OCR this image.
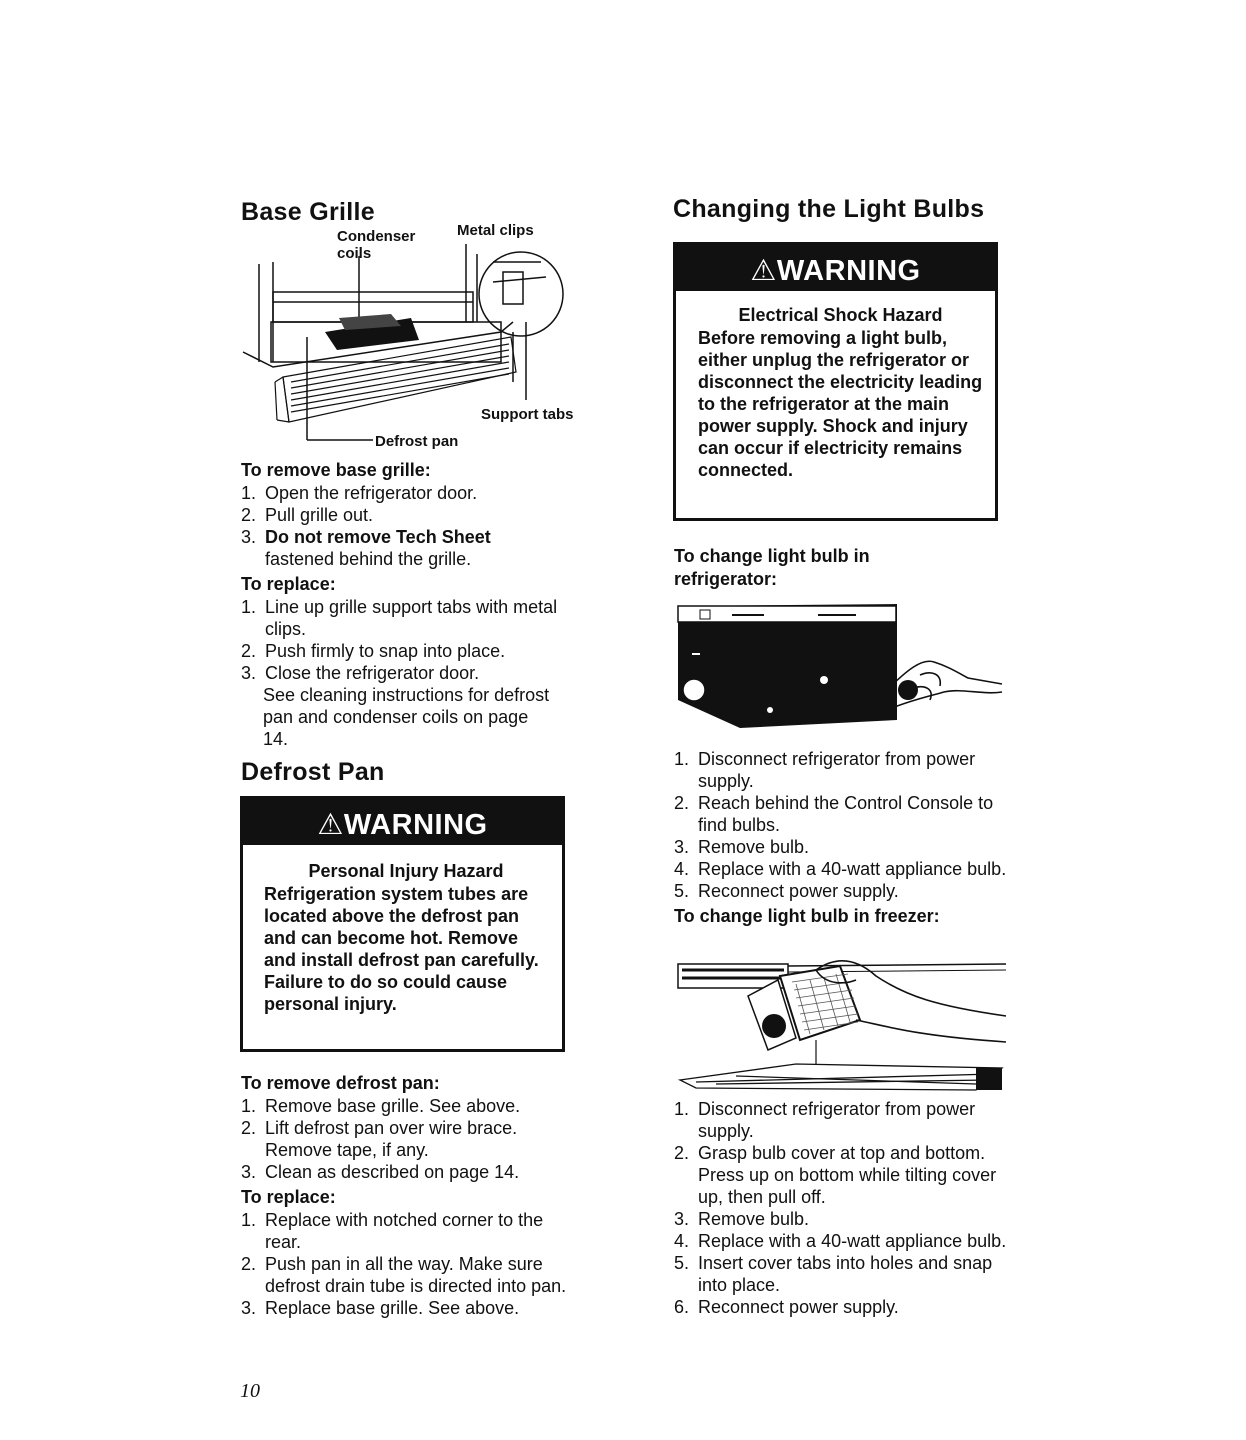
Base Grille
Condenser
coils
Metal clips
Support tabs
Defrost pan

To remove base grille:

1. Open the refrigerator door.
2. Pull grille out.
3. Do not remove Tech Sheet
fastened behind the grille.

To replace:

1. Line up grille support tabs with metal clips.
2. Push firmly to snap into place.
3. Close the refrigerator door.
See cleaning instructions for defrost pan and condenser coils on page 14.
Defrost Pan
⚠WARNING
Personal Injury Hazard
Refrigeration system tubes are located above the defrost pan and can become hot. Remove and install defrost pan carefully. Failure to do so could cause personal injury.

To remove defrost pan:

1. Remove base grille. See above.
2. Lift defrost pan over wire brace. Remove tape, if any.
3. Clean as described on page 14.

To replace:

1. Replace with notched corner to the rear.
2. Push pan in all the way. Make sure defrost drain tube is directed into pan.
3. Replace base grille. See above.
Changing the Light Bulbs
⚠WARNING
Electrical Shock Hazard
Before removing a light bulb, either unplug the refrigerator or disconnect the electricity leading to the refrigerator at the main power supply. Shock and injury can occur if electricity remains connected.

To change light bulb in refrigerator:

1. Disconnect refrigerator from power supply.
2. Reach behind the Control Console to find bulbs.
3. Remove bulb.
4. Replace with a 40-watt appliance bulb.
5. Reconnect power supply.

To change light bulb in freezer:

1. Disconnect refrigerator from power supply.
2. Grasp bulb cover at top and bottom. Press up on bottom while tilting cover up, then pull off.
3. Remove bulb.
4. Replace with a 40-watt appliance bulb.
5. Insert cover tabs into holes and snap into place.
6. Reconnect power supply.
10
